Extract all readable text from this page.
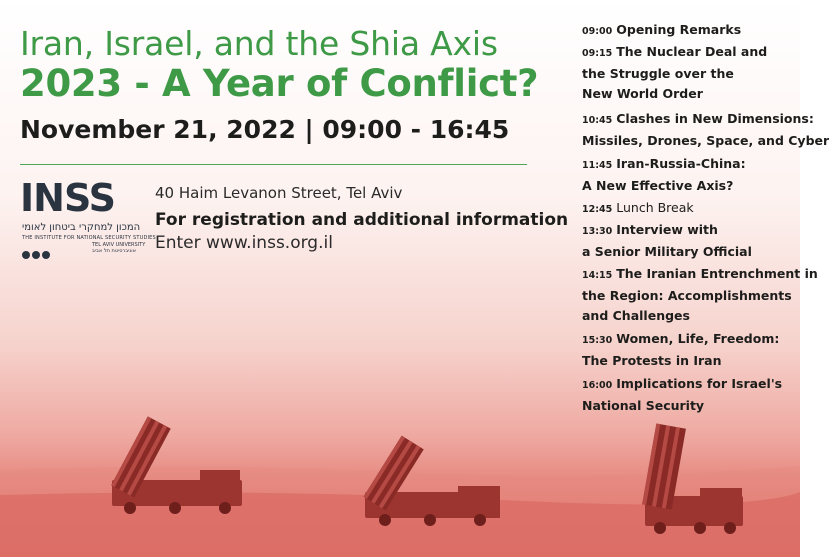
Iran, Israel, and the Shia Axis
2023 - A Year of Conflict?
November 21, 2022 | 09:00 - 16:45
INSS
המכון למחקרי ביטחון לאומי
THE INSTITUTE FOR NATIONAL SECURITY STUDIES
TEL AVIV UNIVERSITY
אוניברסיטת תל אביב
40 Haim Levanon Street, Tel Aviv
For registration and additional information
Enter www.inss.org.il
09:00 Opening Remarks
09:15 The Nuclear Deal and
the Struggle over the
New World Order
10:45 Clashes in New Dimensions:
Missiles, Drones, Space, and Cyber
11:45 Iran-Russia-China:
A New Effective Axis?
12:45 Lunch Break
13:30 Interview with
a Senior Military Official
14:15 The Iranian Entrenchment in
the Region: Accomplishments
and Challenges
15:30 Women, Life, Freedom:
The Protests in Iran
16:00 Implications for Israel's
National Security
